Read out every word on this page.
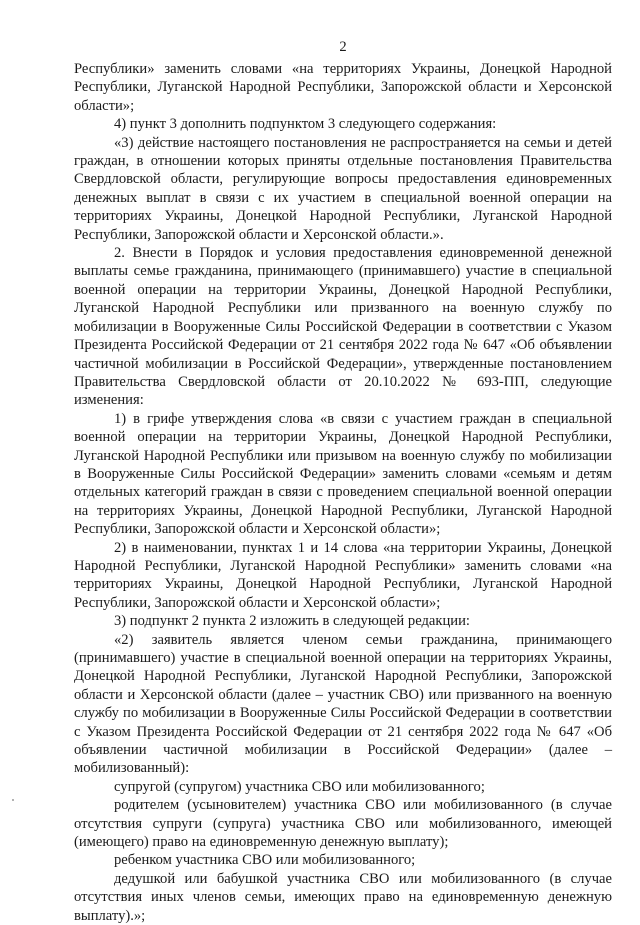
2

Республики» заменить словами «на территориях Украины, Донецкой Народной Республики, Луганской Народной Республики, Запорожской области и Херсонской области»;

4) пункт 3 дополнить подпунктом 3 следующего содержания:

«3) действие настоящего постановления не распространяется на семьи и детей граждан, в отношении которых приняты отдельные постановления Правительства Свердловской области, регулирующие вопросы предоставления единовременных денежных выплат в связи с их участием в специальной военной операции на территориях Украины, Донецкой Народной Республики, Луганской Народной Республики, Запорожской области и Херсонской области.».

2. Внести в Порядок и условия предоставления единовременной денежной выплаты семье гражданина, принимающего (принимавшего) участие в специальной военной операции на территории Украины, Донецкой Народной Республики, Луганской Народной Республики или призванного на военную службу по мобилизации в Вооруженные Силы Российской Федерации в соответствии с Указом Президента Российской Федерации от 21 сентября 2022 года № 647 «Об объявлении частичной мобилизации в Российской Федерации», утвержденные постановлением Правительства Свердловской области от 20.10.2022 № 693-ПП, следующие изменения:

1) в грифе утверждения слова «в связи с участием граждан в специальной военной операции на территории Украины, Донецкой Народной Республики, Луганской Народной Республики или призывом на военную службу по мобилизации в Вооруженные Силы Российской Федерации» заменить словами «семьям и детям отдельных категорий граждан в связи с проведением специальной военной операции на территориях Украины, Донецкой Народной Республики, Луганской Народной Республики, Запорожской области и Херсонской области»;

2) в наименовании, пунктах 1 и 14 слова «на территории Украины, Донецкой Народной Республики, Луганской Народной Республики» заменить словами «на территориях Украины, Донецкой Народной Республики, Луганской Народной Республики, Запорожской области и Херсонской области»;

3) подпункт 2 пункта 2 изложить в следующей редакции:

«2) заявитель является членом семьи гражданина, принимающего (принимавшего) участие в специальной военной операции на территориях Украины, Донецкой Народной Республики, Луганской Народной Республики, Запорожской области и Херсонской области (далее – участник СВО) или призванного на военную службу по мобилизации в Вооруженные Силы Российской Федерации в соответствии с Указом Президента Российской Федерации от 21 сентября 2022 года № 647 «Об объявлении частичной мобилизации в Российской Федерации» (далее – мобилизованный):

супругой (супругом) участника СВО или мобилизованного;

родителем (усыновителем) участника СВО или мобилизованного (в случае отсутствия супруги (супруга) участника СВО или мобилизованного, имеющей (имеющего) право на единовременную денежную выплату);

ребенком участника СВО или мобилизованного;

дедушкой или бабушкой участника СВО или мобилизованного (в случае отсутствия иных членов семьи, имеющих право на единовременную денежную выплату).»;
